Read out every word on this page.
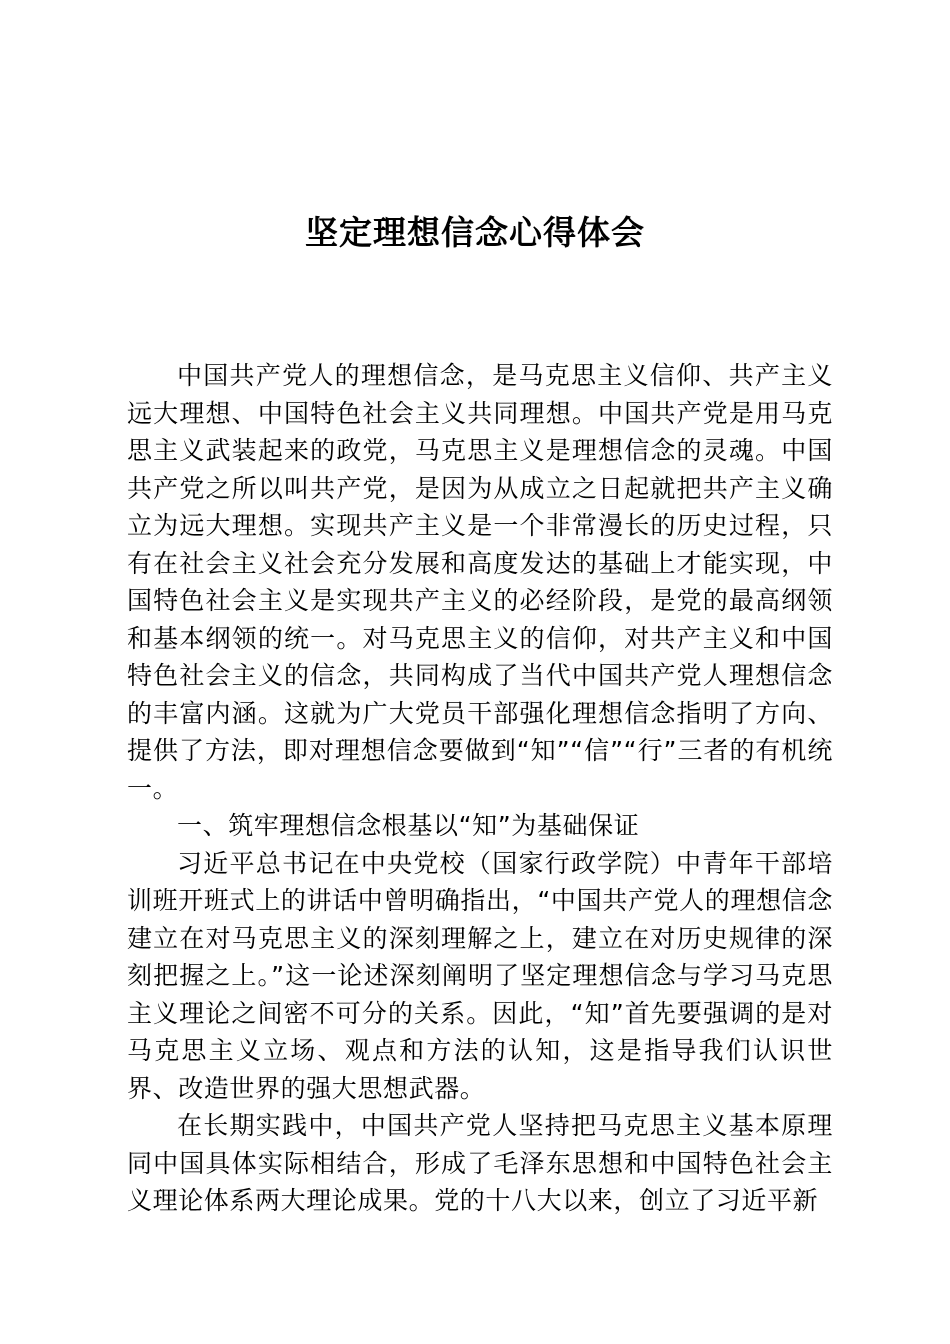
坚定理想信念心得体会

中国共产党人的理想信念，是马克思主义信仰、共产主义远大理想、中国特色社会主义共同理想。中国共产党是用马克思主义武装起来的政党，马克思主义是理想信念的灵魂。中国共产党之所以叫共产党，是因为从成立之日起就把共产主义确立为远大理想。实现共产主义是一个非常漫长的历史过程，只有在社会主义社会充分发展和高度发达的基础上才能实现，中国特色社会主义是实现共产主义的必经阶段，是党的最高纲领和基本纲领的统一。对马克思主义的信仰，对共产主义和中国特色社会主义的信念，共同构成了当代中国共产党人理想信念的丰富内涵。这就为广大党员干部强化理想信念指明了方向、提供了方法，即对理想信念要做到“知”“信”“行”三者的有机统一。

一、筑牢理想信念根基以“知”为基础保证

习近平总书记在中央党校（国家行政学院）中青年干部培训班开班式上的讲话中曾明确指出，“中国共产党人的理想信念建立在对马克思主义的深刻理解之上，建立在对历史规律的深刻把握之上。”这一论述深刻阐明了坚定理想信念与学习马克思主义理论之间密不可分的关系。因此，“知”首先要强调的是对马克思主义立场、观点和方法的认知，这是指导我们认识世界、改造世界的强大思想武器。

在长期实践中，中国共产党人坚持把马克思主义基本原理同中国具体实际相结合，形成了毛泽东思想和中国特色社会主义理论体系两大理论成果。党的十八大以来，创立了习近平新
